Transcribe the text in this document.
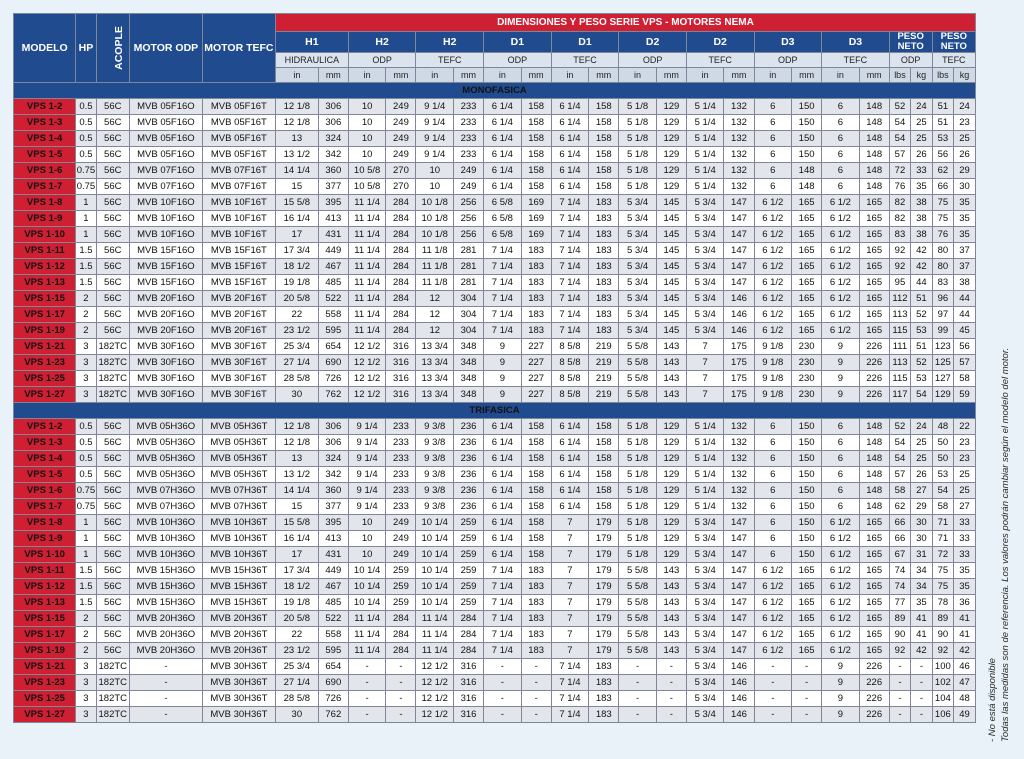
MODELO	HP	ACOPLE	MOTOR ODP	MOTOR TEFC	DIMENSIONES Y PESO SERIE VPS - MOTORES NEMA																					
					H1		H2		H2		D1		D1		D2		D2		D3		D3		PESO NETO		PESO NETO	
					HIDRAULICA		ODP		TEFC		ODP		TEFC		ODP		TEFC		ODP		TEFC		ODP		TEFC	
					in	mm	in	mm	in	mm	in	mm	in	mm	in	mm	in	mm	in	mm	in	mm	lbs	kg	lbs	kg
MONOFASICA																										
VPS 1-2	0.5	56C	MVB 05F16O	MVB 05F16T	12 1/8	306	10	249	9 1/4	233	6 1/4	158	6 1/4	158	5 1/8	129	5 1/4	132	6	150	6	148	52	24	51	24
VPS 1-3	0.5	56C	MVB 05F16O	MVB 05F16T	12 1/8	306	10	249	9 1/4	233	6 1/4	158	6 1/4	158	5 1/8	129	5 1/4	132	6	150	6	148	54	25	51	23
VPS 1-4	0.5	56C	MVB 05F16O	MVB 05F16T	13	324	10	249	9 1/4	233	6 1/4	158	6 1/4	158	5 1/8	129	5 1/4	132	6	150	6	148	54	25	53	25
VPS 1-5	0.5	56C	MVB 05F16O	MVB 05F16T	13 1/2	342	10	249	9 1/4	233	6 1/4	158	6 1/4	158	5 1/8	129	5 1/4	132	6	150	6	148	57	26	56	26
VPS 1-6	0.75	56C	MVB 07F16O	MVB 07F16T	14 1/4	360	10 5/8	270	10	249	6 1/4	158	6 1/4	158	5 1/8	129	5 1/4	132	6	148	6	148	72	33	62	29
VPS 1-7	0.75	56C	MVB 07F16O	MVB 07F16T	15	377	10 5/8	270	10	249	6 1/4	158	6 1/4	158	5 1/8	129	5 1/4	132	6	148	6	148	76	35	66	30
VPS 1-8	1	56C	MVB 10F16O	MVB 10F16T	15 5/8	395	11 1/4	284	10 1/8	256	6 5/8	169	7 1/4	183	5 3/4	145	5 3/4	147	6 1/2	165	6 1/2	165	82	38	75	35
VPS 1-9	1	56C	MVB 10F16O	MVB 10F16T	16 1/4	413	11 1/4	284	10 1/8	256	6 5/8	169	7 1/4	183	5 3/4	145	5 3/4	147	6 1/2	165	6 1/2	165	82	38	75	35
VPS 1-10	1	56C	MVB 10F16O	MVB 10F16T	17	431	11 1/4	284	10 1/8	256	6 5/8	169	7 1/4	183	5 3/4	145	5 3/4	147	6 1/2	165	6 1/2	165	83	38	76	35
VPS 1-11	1.5	56C	MVB 15F16O	MVB 15F16T	17 3/4	449	11 1/4	284	11 1/8	281	7 1/4	183	7 1/4	183	5 3/4	145	5 3/4	147	6 1/2	165	6 1/2	165	92	42	80	37
VPS 1-12	1.5	56C	MVB 15F16O	MVB 15F16T	18 1/2	467	11 1/4	284	11 1/8	281	7 1/4	183	7 1/4	183	5 3/4	145	5 3/4	147	6 1/2	165	6 1/2	165	92	42	80	37
VPS 1-13	1.5	56C	MVB 15F16O	MVB 15F16T	19 1/8	485	11 1/4	284	11 1/8	281	7 1/4	183	7 1/4	183	5 3/4	145	5 3/4	147	6 1/2	165	6 1/2	165	95	44	83	38
VPS 1-15	2	56C	MVB 20F16O	MVB 20F16T	20 5/8	522	11 1/4	284	12	304	7 1/4	183	7 1/4	183	5 3/4	145	5 3/4	146	6 1/2	165	6 1/2	165	112	51	96	44
VPS 1-17	2	56C	MVB 20F16O	MVB 20F16T	22	558	11 1/4	284	12	304	7 1/4	183	7 1/4	183	5 3/4	145	5 3/4	146	6 1/2	165	6 1/2	165	113	52	97	44
VPS 1-19	2	56C	MVB 20F16O	MVB 20F16T	23 1/2	595	11 1/4	284	12	304	7 1/4	183	7 1/4	183	5 3/4	145	5 3/4	146	6 1/2	165	6 1/2	165	115	53	99	45
VPS 1-21	3	182TC	MVB 30F16O	MVB 30F16T	25 3/4	654	12 1/2	316	13 3/4	348	9	227	8 5/8	219	5 5/8	143	7	175	9 1/8	230	9	226	111	51	123	56
VPS 1-23	3	182TC	MVB 30F16O	MVB 30F16T	27 1/4	690	12 1/2	316	13 3/4	348	9	227	8 5/8	219	5 5/8	143	7	175	9 1/8	230	9	226	113	52	125	57
VPS 1-25	3	182TC	MVB 30F16O	MVB 30F16T	28 5/8	726	12 1/2	316	13 3/4	348	9	227	8 5/8	219	5 5/8	143	7	175	9 1/8	230	9	226	115	53	127	58
VPS 1-27	3	182TC	MVB 30F16O	MVB 30F16T	30	762	12 1/2	316	13 3/4	348	9	227	8 5/8	219	5 5/8	143	7	175	9 1/8	230	9	226	117	54	129	59
TRIFASICA																										
VPS 1-2	0.5	56C	MVB 05H36O	MVB 05H36T	12 1/8	306	9 1/4	233	9 3/8	236	6 1/4	158	6 1/4	158	5 1/8	129	5 1/4	132	6	150	6	148	52	24	48	22
VPS 1-3	0.5	56C	MVB 05H36O	MVB 05H36T	12 1/8	306	9 1/4	233	9 3/8	236	6 1/4	158	6 1/4	158	5 1/8	129	5 1/4	132	6	150	6	148	54	25	50	23
VPS 1-4	0.5	56C	MVB 05H36O	MVB 05H36T	13	324	9 1/4	233	9 3/8	236	6 1/4	158	6 1/4	158	5 1/8	129	5 1/4	132	6	150	6	148	54	25	50	23
VPS 1-5	0.5	56C	MVB 05H36O	MVB 05H36T	13 1/2	342	9 1/4	233	9 3/8	236	6 1/4	158	6 1/4	158	5 1/8	129	5 1/4	132	6	150	6	148	57	26	53	25
VPS 1-6	0.75	56C	MVB 07H36O	MVB 07H36T	14 1/4	360	9 1/4	233	9 3/8	236	6 1/4	158	6 1/4	158	5 1/8	129	5 1/4	132	6	150	6	148	58	27	54	25
VPS 1-7	0.75	56C	MVB 07H36O	MVB 07H36T	15	377	9 1/4	233	9 3/8	236	6 1/4	158	6 1/4	158	5 1/8	129	5 1/4	132	6	150	6	148	62	29	58	27
VPS 1-8	1	56C	MVB 10H36O	MVB 10H36T	15 5/8	395	10	249	10 1/4	259	6 1/4	158	7	179	5 1/8	129	5 3/4	147	6	150	6 1/2	165	66	30	71	33
VPS 1-9	1	56C	MVB 10H36O	MVB 10H36T	16 1/4	413	10	249	10 1/4	259	6 1/4	158	7	179	5 1/8	129	5 3/4	147	6	150	6 1/2	165	66	30	71	33
VPS 1-10	1	56C	MVB 10H36O	MVB 10H36T	17	431	10	249	10 1/4	259	6 1/4	158	7	179	5 1/8	129	5 3/4	147	6	150	6 1/2	165	67	31	72	33
VPS 1-11	1.5	56C	MVB 15H36O	MVB 15H36T	17 3/4	449	10 1/4	259	10 1/4	259	7 1/4	183	7	179	5 5/8	143	5 3/4	147	6 1/2	165	6 1/2	165	74	34	75	35
VPS 1-12	1.5	56C	MVB 15H36O	MVB 15H36T	18 1/2	467	10 1/4	259	10 1/4	259	7 1/4	183	7	179	5 5/8	143	5 3/4	147	6 1/2	165	6 1/2	165	74	34	75	35
VPS 1-13	1.5	56C	MVB 15H36O	MVB 15H36T	19 1/8	485	10 1/4	259	10 1/4	259	7 1/4	183	7	179	5 5/8	143	5 3/4	147	6 1/2	165	6 1/2	165	77	35	78	36
VPS 1-15	2	56C	MVB 20H36O	MVB 20H36T	20 5/8	522	11 1/4	284	11 1/4	284	7 1/4	183	7	179	5 5/8	143	5 3/4	147	6 1/2	165	6 1/2	165	89	41	89	41
VPS 1-17	2	56C	MVB 20H36O	MVB 20H36T	22	558	11 1/4	284	11 1/4	284	7 1/4	183	7	179	5 5/8	143	5 3/4	147	6 1/2	165	6 1/2	165	90	41	90	41
VPS 1-19	2	56C	MVB 20H36O	MVB 20H36T	23 1/2	595	11 1/4	284	11 1/4	284	7 1/4	183	7	179	5 5/8	143	5 3/4	147	6 1/2	165	6 1/2	165	92	42	92	42
VPS 1-21	3	182TC	-	MVB 30H36T	25 3/4	654	-	-	12 1/2	316	-	-	7 1/4	183	-	-	5 3/4	146	-	-	9	226	-	-	100	46
VPS 1-23	3	182TC	-	MVB 30H36T	27 1/4	690	-	-	12 1/2	316	-	-	7 1/4	183	-	-	5 3/4	146	-	-	9	226	-	-	102	47
VPS 1-25	3	182TC	-	MVB 30H36T	28 5/8	726	-	-	12 1/2	316	-	-	7 1/4	183	-	-	5 3/4	146	-	-	9	226	-	-	104	48
VPS 1-27	3	182TC	-	MVB 30H36T	30	762	-	-	12 1/2	316	-	-	7 1/4	183	-	-	5 3/4	146	-	-	9	226	-	-	106	49 - No está disponible Todas las medidas son de referencia. Los valores podrán cambiar según el modelo del motor.
